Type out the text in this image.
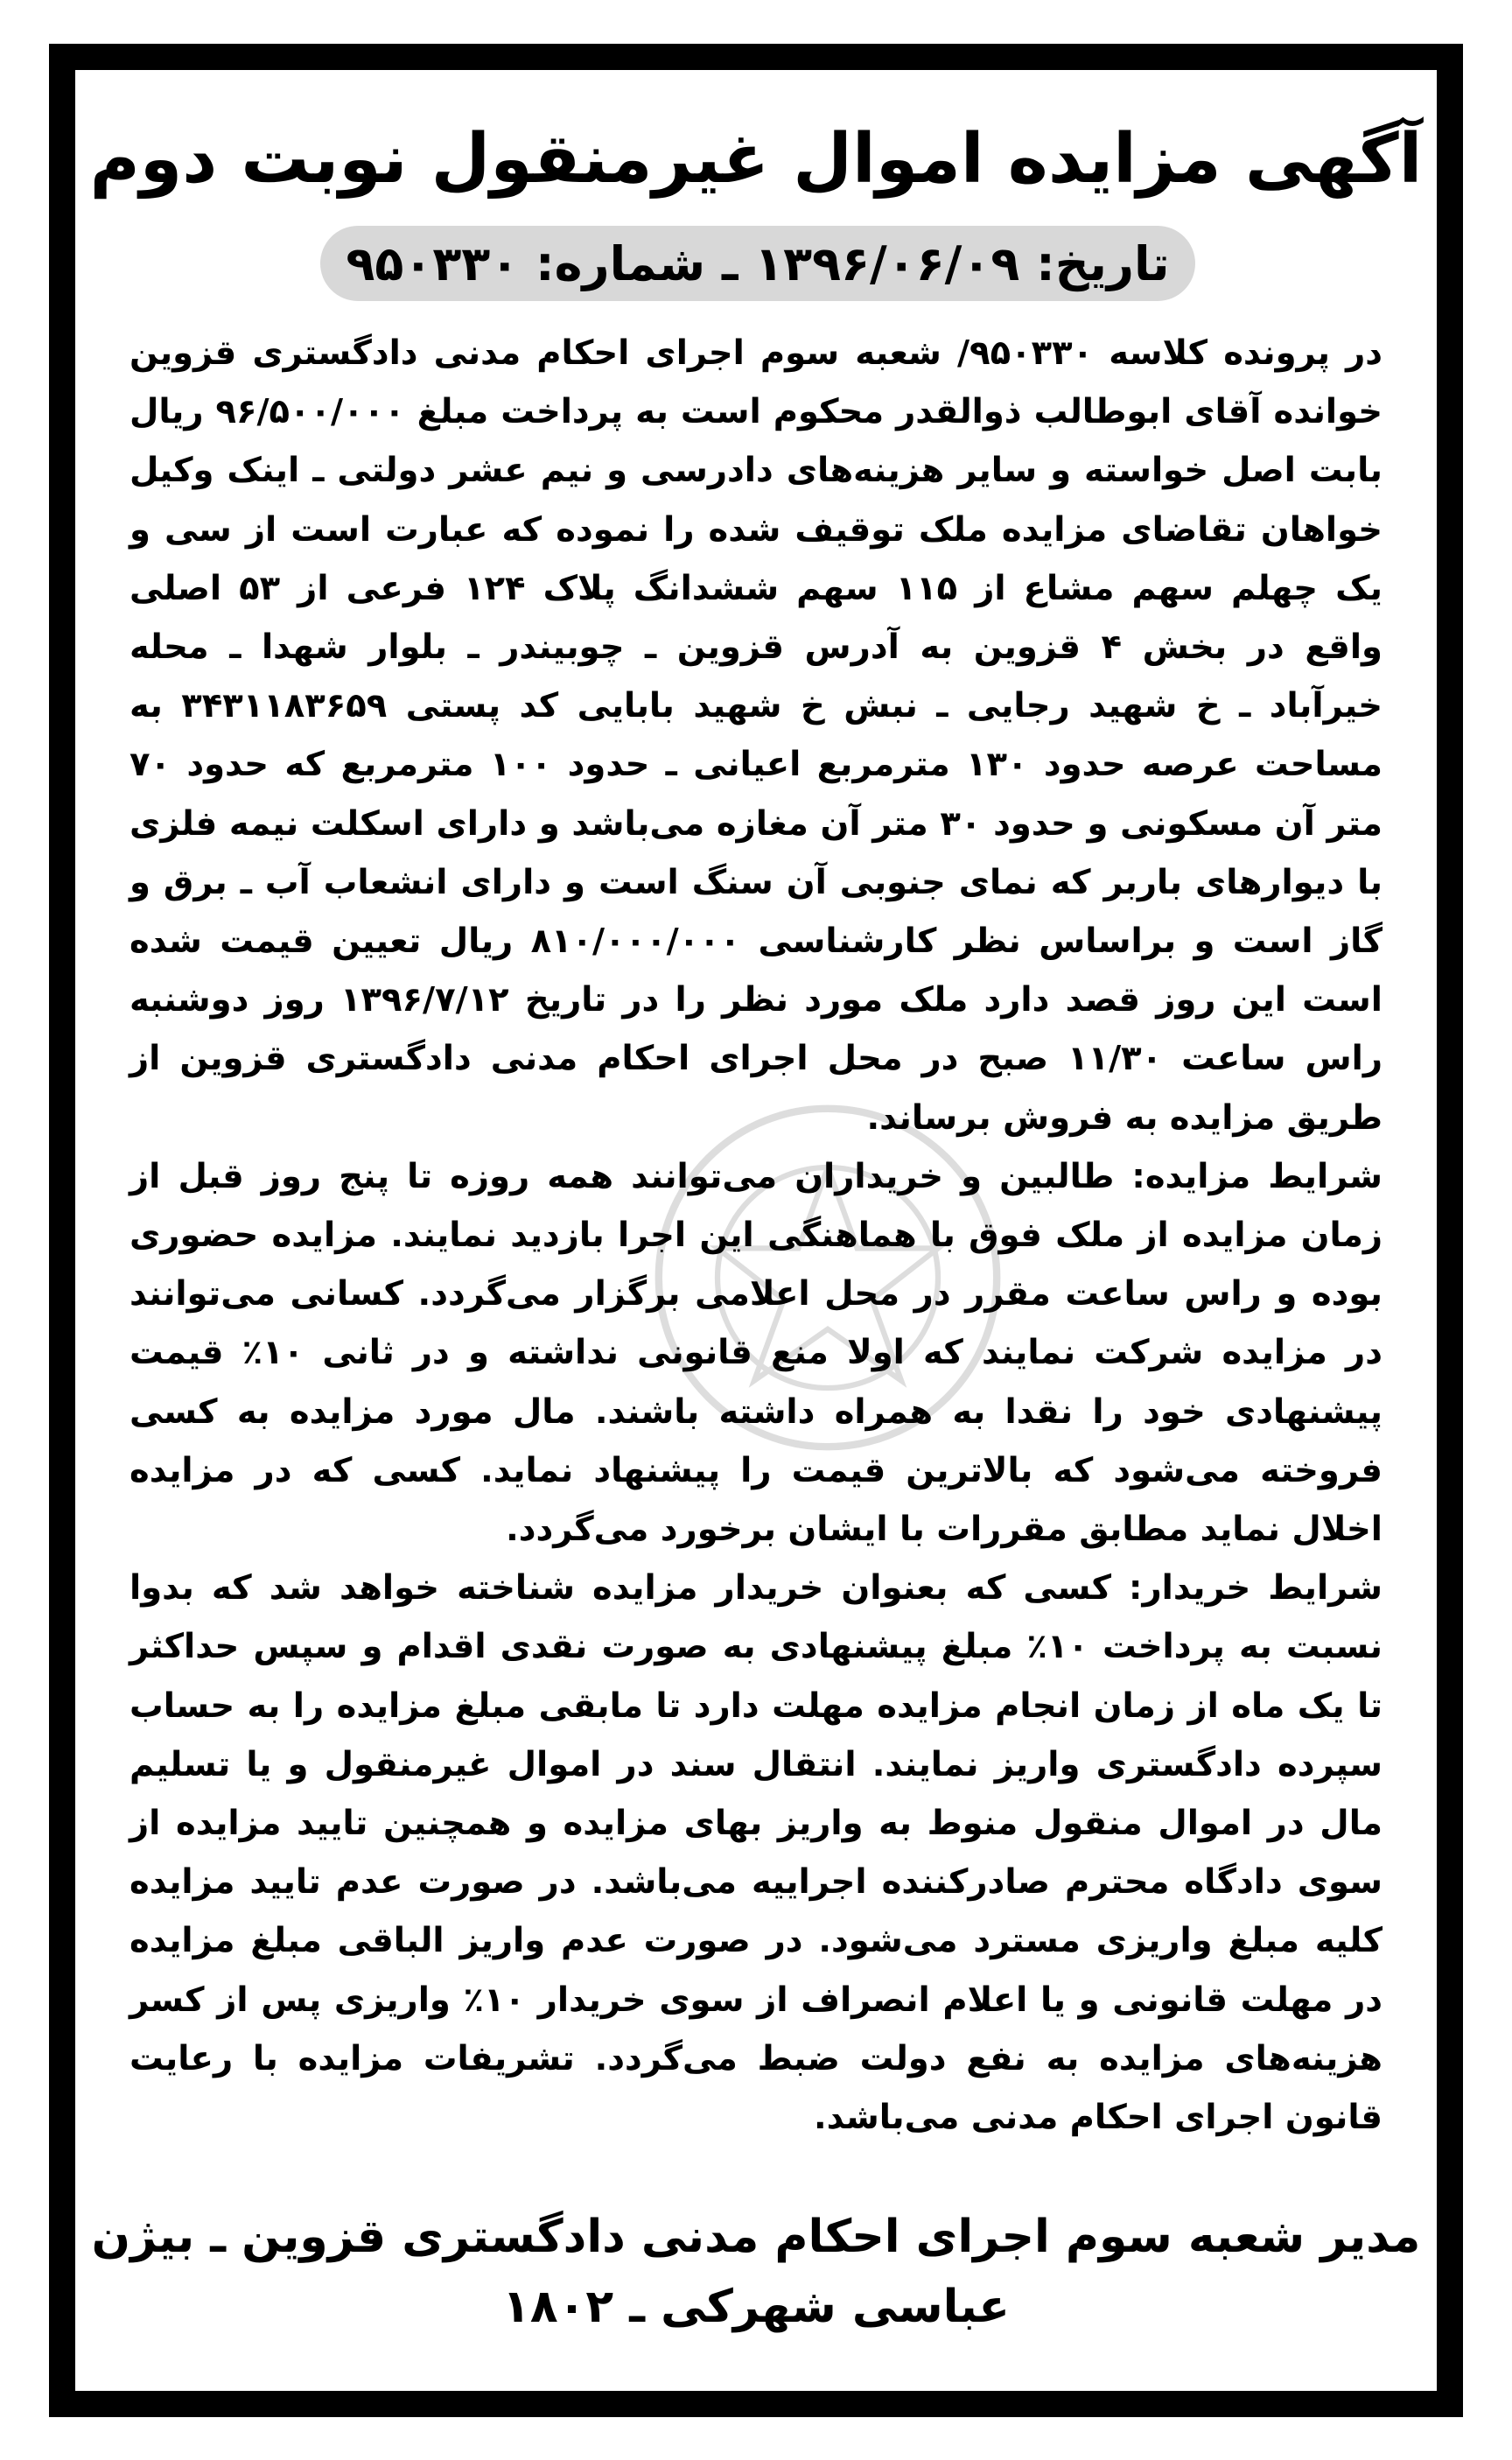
آگهی مزایده اموال غیرمنقول نوبت دوم
تاریخ: ۱۳۹۶/۰۶/۰۹ ـ شماره: ۹۵۰۳۳۰

در پرونده کلاسه ۹۵۰۳۳۰/ شعبه سوم اجرای احکام مدنی دادگستری قزوین خوانده آقای ابوطالب ذوالقدر محکوم است به پرداخت مبلغ ۹۶/۵۰۰/۰۰۰ ریال بابت اصل خواسته و سایر هزینه‌های دادرسی و نیم عشر دولتی ـ اینک وکیل خواهان تقاضای مزایده ملک توقیف شده را نموده که عبارت است از سی و یک چهلم سهم مشاع از ۱۱۵ سهم ششدانگ پلاک ۱۲۴ فرعی از ۵۳ اصلی واقع در بخش ۴ قزوین به آدرس قزوین ـ چوبیندر ـ بلوار شهدا ـ محله خیرآباد ـ خ شهید رجایی ـ نبش خ شهید بابایی کد پستی ۳۴۳۱۱۸۳۶۵۹ به مساحت عرصه حدود ۱۳۰ مترمربع اعیانی ـ حدود ۱۰۰ مترمربع که حدود ۷۰ متر آن مسکونی و حدود ۳۰ متر آن مغازه می‌باشد و دارای اسکلت نیمه فلزی با دیوارهای باربر که نمای جنوبی آن سنگ است و دارای انشعاب آب ـ برق و گاز است و براساس نظر کارشناسی ۸۱۰/۰۰۰/۰۰۰ ریال تعیین قیمت شده است این روز قصد دارد ملک مورد نظر را در تاریخ ۱۳۹۶/۷/۱۲ روز دوشنبه راس ساعت ۱۱/۳۰ صبح در محل اجرای احکام مدنی دادگستری قزوین از طریق مزایده به فروش برساند.

شرایط مزایده: طالبین و خریداران می‌توانند همه روزه تا پنج روز قبل از زمان مزایده از ملک فوق با هماهنگی این اجرا بازدید نمایند. مزایده حضوری بوده و راس ساعت مقرر در محل اعلامی برگزار می‌گردد. کسانی می‌توانند در مزایده شرکت نمایند که اولا منع قانونی نداشته و در ثانی ۱۰٪ قیمت پیشنهادی خود را نقدا به همراه داشته باشند. مال مورد مزایده به کسی فروخته می‌شود که بالاترین قیمت را پیشنهاد نماید. کسی که در مزایده اخلال نماید مطابق مقررات با ایشان برخورد می‌گردد.

شرایط خریدار: کسی که بعنوان خریدار مزایده شناخته خواهد شد که بدوا نسبت به پرداخت ۱۰٪ مبلغ پیشنهادی به صورت نقدی اقدام و سپس حداکثر تا یک ماه از زمان انجام مزایده مهلت دارد تا مابقی مبلغ مزایده را به حساب سپرده دادگستری واریز نمایند. انتقال سند در اموال غیرمنقول و یا تسلیم مال در اموال منقول منوط به واریز بهای مزایده و همچنین تایید مزایده از سوی دادگاه محترم صادرکننده اجراییه می‌باشد. در صورت عدم تایید مزایده کلیه مبلغ واریزی مسترد می‌شود. در صورت عدم واریز الباقی مبلغ مزایده در مهلت قانونی و یا اعلام انصراف از سوی خریدار ۱۰٪ واریزی پس از کسر هزینه‌های مزایده به نفع دولت ضبط می‌گردد. تشریفات مزایده با رعایت قانون اجرای احکام مدنی می‌باشد.

مدیر شعبه سوم اجرای احکام مدنی دادگستری قزوین ـ بیژن عباسی شهرکی ـ ۱۸۰۲
